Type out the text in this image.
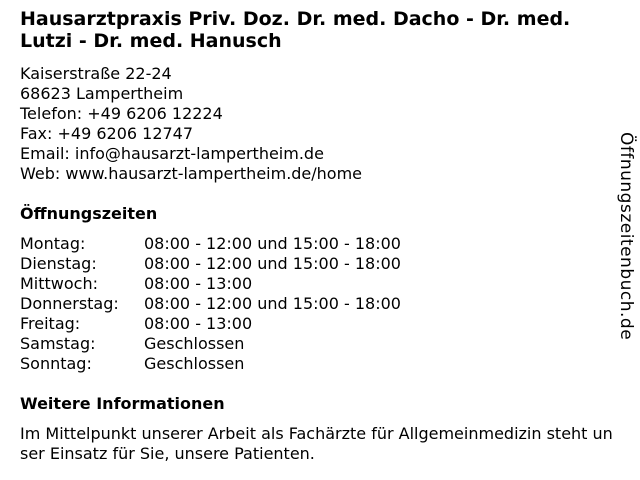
Hausarztpraxis Priv. Doz. Dr. med. Dacho - Dr. med. Lutzi - Dr. med. Hanusch
Kaiserstraße 22-24
68623 Lampertheim
Telefon: +49 6206 12224
Fax: +49 6206 12747
Email: info@hausarzt-lampertheim.de
Web: www.hausarzt-lampertheim.de/home
Öffnungszeiten
Montag:	08:00 - 12:00 und 15:00 - 18:00
Dienstag:	08:00 - 12:00 und 15:00 - 18:00
Mittwoch:	08:00 - 13:00
Donnerstag:	08:00 - 12:00 und 15:00 - 18:00
Freitag:	08:00 - 13:00
Samstag:	Geschlossen
Sonntag:	Geschlossen
Weitere Informationen
Im Mittelpunkt unserer Arbeit als Fachärzte für Allgemeinmedizin steht unser Einsatz für Sie, unsere Patienten.
Öffnungszeitenbuch.de
